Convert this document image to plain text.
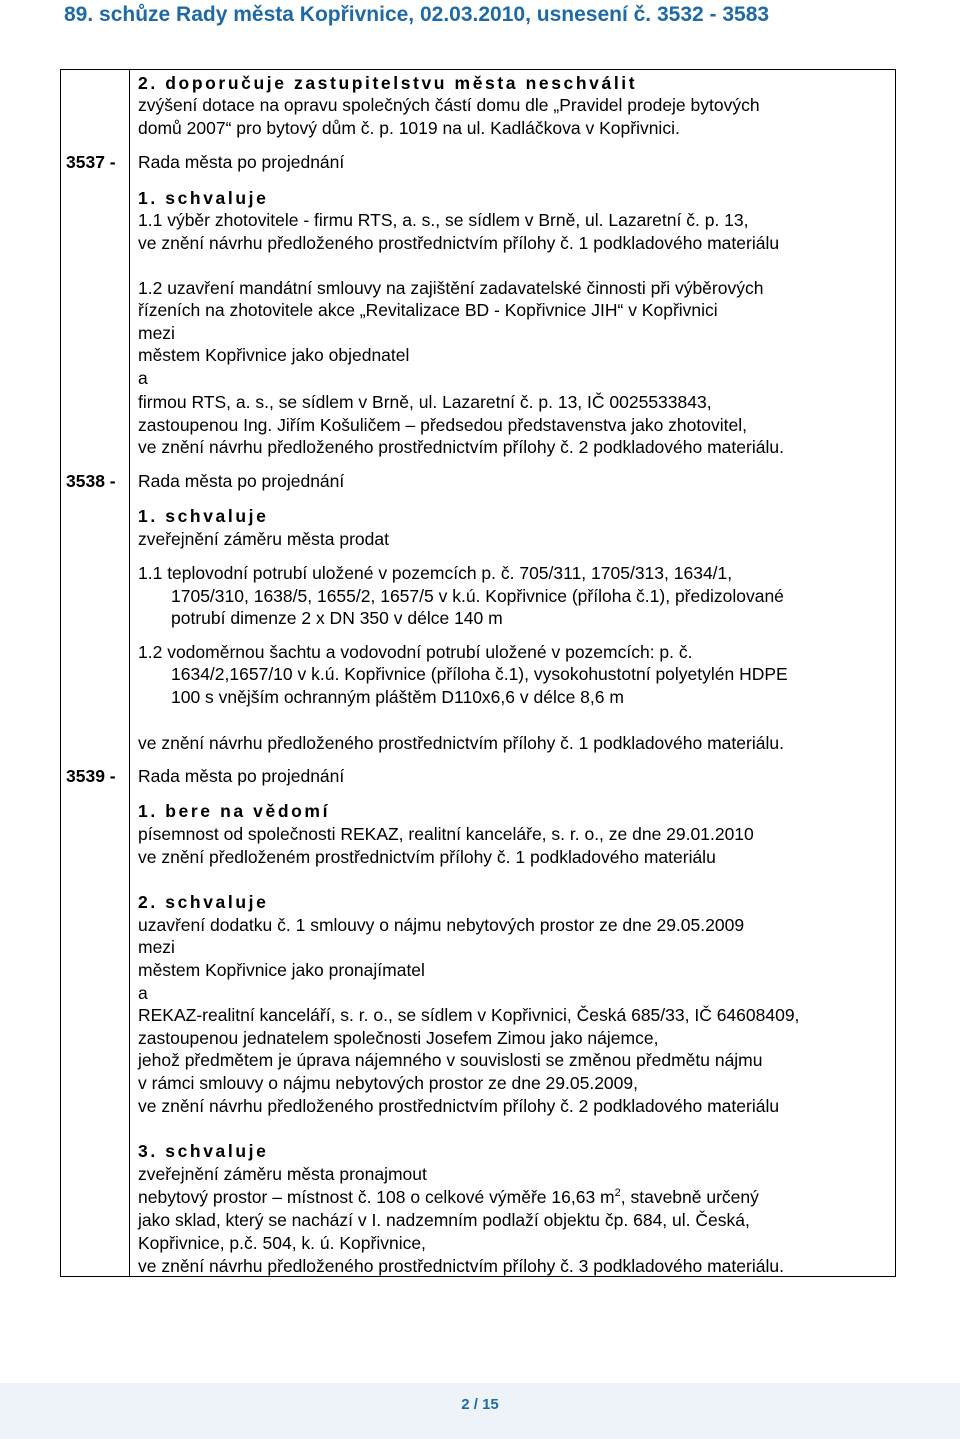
89. schůze Rady města Kopřivnice, 02.03.2010, usnesení č. 3532 - 3583

2. doporučuje zastupitelstvu města neschválit

zvýšení dotace na opravu společných částí domu dle „Pravidel prodeje bytových

domů 2007“ pro bytový dům č. p. 1019 na ul. Kadláčkova v Kopřivnici.

3537 - Rada města po projednání

1. schvaluje

1.1 výběr zhotovitele - firmu RTS, a. s., se sídlem v Brně, ul. Lazaretní č. p. 13,

ve znění návrhu předloženého prostřednictvím přílohy č. 1 podkladového materiálu

1.2 uzavření mandátní smlouvy na zajištění zadavatelské činnosti při výběrových

řízeních na zhotovitele akce „Revitalizace BD - Kopřivnice JIH“ v Kopřivnici

mezi

městem Kopřivnice jako objednatel

a

firmou RTS, a. s., se sídlem v Brně, ul. Lazaretní č. p. 13, IČ 0025533843,

zastoupenou Ing. Jiřím Košuličem – předsedou představenstva jako zhotovitel,

ve znění návrhu předloženého prostřednictvím přílohy č. 2 podkladového materiálu.

3538 - Rada města po projednání

1. schvaluje

zveřejnění záměru města prodat

1.1 teplovodní potrubí uložené v pozemcích p. č. 705/311, 1705/313, 1634/1,

1705/310, 1638/5, 1655/2, 1657/5 v k.ú. Kopřivnice (příloha č.1), předizolované

potrubí dimenze 2 x DN 350 v délce 140 m

1.2 vodoměrnou šachtu a vodovodní potrubí uložené v pozemcích: p. č.

1634/2,1657/10 v k.ú. Kopřivnice (příloha č.1), vysokohustotní polyetylén HDPE

100 s vnějším ochranným pláštěm D110x6,6 v délce 8,6 m

ve znění návrhu předloženého prostřednictvím přílohy č. 1 podkladového materiálu.

3539 - Rada města po projednání

1. bere na vědomí

písemnost od společnosti REKAZ, realitní kanceláře, s. r. o., ze dne 29.01.2010

ve znění předloženém prostřednictvím přílohy č. 1 podkladového materiálu

2. schvaluje

uzavření dodatku č. 1 smlouvy o nájmu nebytových prostor ze dne 29.05.2009

mezi

městem Kopřivnice jako pronajímatel

a

REKAZ-realitní kanceláří, s. r. o., se sídlem v Kopřivnici, Česká 685/33, IČ 64608409,

zastoupenou jednatelem společnosti Josefem Zimou jako nájemce,

jehož předmětem je úprava nájemného v souvislosti se změnou předmětu nájmu

v rámci smlouvy o nájmu nebytových prostor ze dne 29.05.2009,

ve znění návrhu předloženého prostřednictvím přílohy č. 2 podkladového materiálu

3. schvaluje

zveřejnění záměru města pronajmout

nebytový prostor – místnost č. 108 o celkové výměře 16,63 $m^2$, stavebně určený

jako sklad, který se nachází v I. nadzemním podlaží objektu čp. 684, ul. Česká,

Kopřivnice, p.č. 504, k. ú. Kopřivnice,

ve znění návrhu předloženého prostřednictvím přílohy č. 3 podkladového materiálu.

2 / 15
